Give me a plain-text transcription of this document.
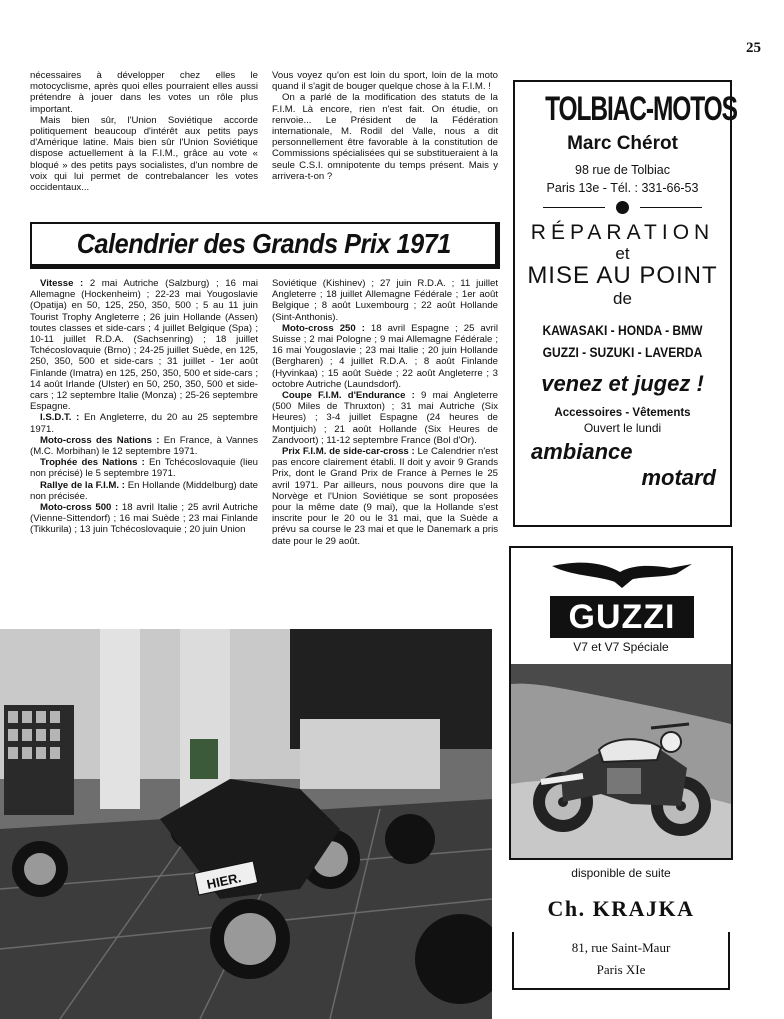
25

nécessaires à développer chez elles le motocyclisme, après quoi elles pourraient elles aussi prétendre à jouer dans les votes un rôle plus important.

Mais bien sûr, l'Union Soviétique accorde politiquement beaucoup d'intérêt aux petits pays d'Amérique latine. Mais bien sûr l'Union Soviétique dispose actuellement à la F.I.M., grâce au vote « bloqué » des petits pays socialistes, d'un nombre de voix qui lui permet de contrebalancer les votes occidentaux...

Vous voyez qu'on est loin du sport, loin de la moto quand il s'agit de bouger quelque chose à la F.I.M. !

On a parlé de la modification des statuts de la F.I.M. Là encore, rien n'est fait. On étudie, on renvoie... Le Président de la Fédération internationale, M. Rodil del Valle, nous a dit personnellement être favorable à la constitution de Commissions spécialisées qui se substitueraient à la seule C.S.I. omnipotente du temps présent. Mais y arrivera-t-on ?

Calendrier des Grands Prix 1971

Vitesse : 2 mai Autriche (Salzburg) ; 16 mai Allemagne (Hockenheim) ; 22-23 mai Yougoslavie (Opatija) en 50, 125, 250, 350, 500 ; 5 au 11 juin Tourist Trophy Angleterre ; 26 juin Hollande (Assen) toutes classes et side-cars ; 4 juillet Belgique (Spa) ; 10-11 juillet R.D.A. (Sachsenring) ; 18 juillet Tchécoslovaquie (Brno) ; 24-25 juillet Suède, en 125, 250, 350, 500 et side-cars ; 31 juillet - 1er août Finlande (Imatra) en 125, 250, 350, 500 et side-cars ; 14 août Irlande (Ulster) en 50, 250, 350, 500 et side-cars ; 12 septembre Italie (Monza) ; 25-26 septembre Espagne.

I.S.D.T. : En Angleterre, du 20 au 25 septembre 1971.

Moto-cross des Nations : En France, à Vannes (M.C. Morbihan) le 12 septembre 1971.

Trophée des Nations : En Tchécoslovaquie (lieu non précisé) le 5 septembre 1971.

Rallye de la F.I.M. : En Hollande (Middelburg) date non précisée.

Moto-cross 500 : 18 avril Italie ; 25 avril Autriche (Vienne-Sittendorf) ; 16 mai Suède ; 23 mai Finlande (Tikkurila) ; 13 juin Tchécoslovaquie ; 20 juin Union

Soviétique (Kishinev) ; 27 juin R.D.A. ; 11 juillet Angleterre ; 18 juillet Allemagne Fédérale ; 1er août Belgique ; 8 août Luxembourg ; 22 août Hollande (Sint-Anthonis).

Moto-cross 250 : 18 avril Espagne ; 25 avril Suisse ; 2 mai Pologne ; 9 mai Allemagne Fédérale ; 16 mai Yougoslavie ; 23 mai Italie ; 20 juin Hollande (Bergharen) ; 4 juillet R.D.A. ; 8 août Finlande (Hyvinkaa) ; 15 août Suède ; 22 août Angleterre ; 3 octobre Autriche (Laundsdorf).

Coupe F.I.M. d'Endurance : 9 mai Angleterre (500 Miles de Thruxton) ; 31 mai Autriche (Six Heures) ; 3-4 juillet Espagne (24 heures de Montjuich) ; 21 août Hollande (Six Heures de Zandvoort) ; 11-12 septembre France (Bol d'Or).

Prix F.I.M. de side-car-cross : Le Calendrier n'est pas encore clairement établi. Il doit y avoir 9 Grands Prix, dont le Grand Prix de France à Pernes le 25 avril 1971. Par ailleurs, nous pouvons dire que la Norvège et l'Union Soviétique se sont proposées pour la même date (9 mai), que la Hollande s'est inscrite pour le 20 ou le 31 mai, que la Suède a prévu sa course le 23 mai et que le Danemark a pris date pour le 29 août.

TOLBIAC-MOTOS
Marc Chérot
98 rue de Tolbiac
Paris 13e - Tél. : 331-66-53
RÉPARATION
et
MISE AU POINT
de
KAWASAKI - HONDA - BMW
GUZZI - SUZUKI - LAVERDA
venez et jugez !
Accessoires - Vêtements
Ouvert le lundi
ambiance
motard
GUZZI
V7 et V7 Spéciale
disponible de suite
Ch. KRAJKA
81, rue Saint-Maur
Paris XIe
HIER.
